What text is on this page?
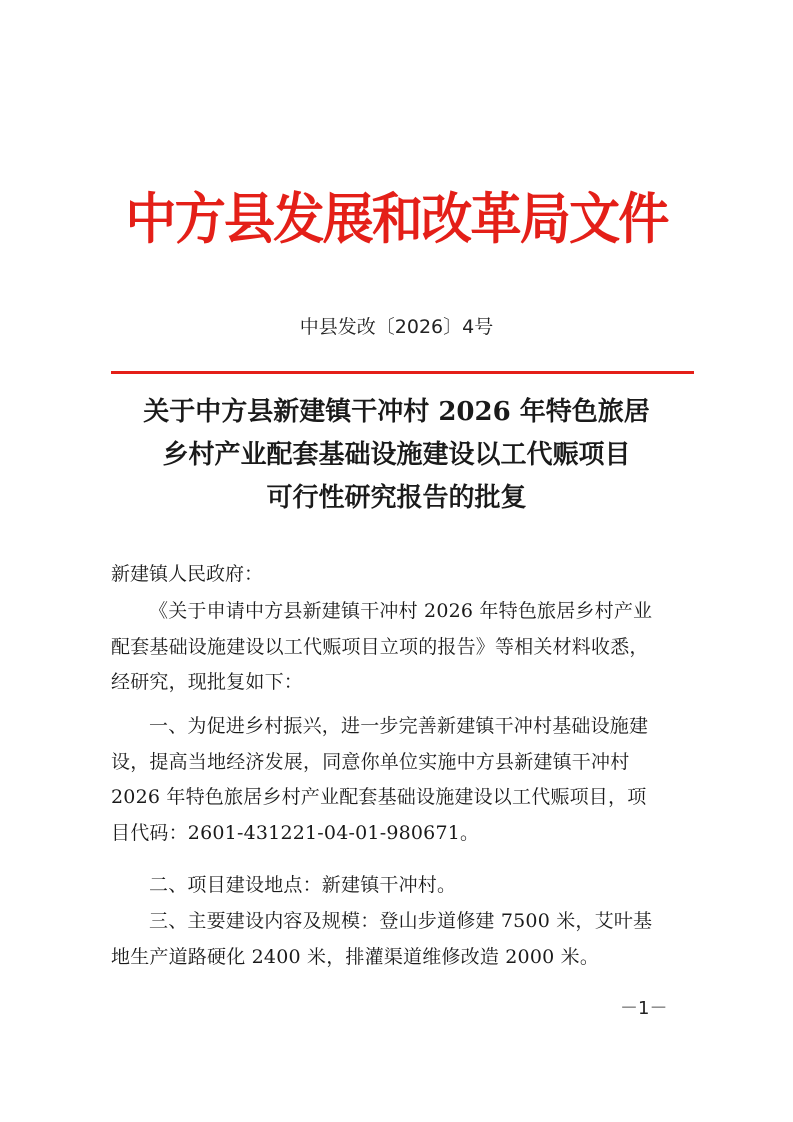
中方县发展和改革局文件
中县发改〔2026〕4号
关于中方县新建镇干冲村 2026 年特色旅居
乡村产业配套基础设施建设以工代赈项目
可行性研究报告的批复
新建镇人民政府：
《关于申请中方县新建镇干冲村 2026 年特色旅居乡村产业
配套基础设施建设以工代赈项目立项的报告》等相关材料收悉，
经研究，现批复如下：
一、为促进乡村振兴，进一步完善新建镇干冲村基础设施建
设，提高当地经济发展，同意你单位实施中方县新建镇干冲村
2026 年特色旅居乡村产业配套基础设施建设以工代赈项目，项
目代码：2601-431221-04-01-980671。
二、项目建设地点：新建镇干冲村。
三、主要建设内容及规模：登山步道修建 7500 米，艾叶基
地生产道路硬化 2400 米，排灌渠道维修改造 2000 米。
－1－
